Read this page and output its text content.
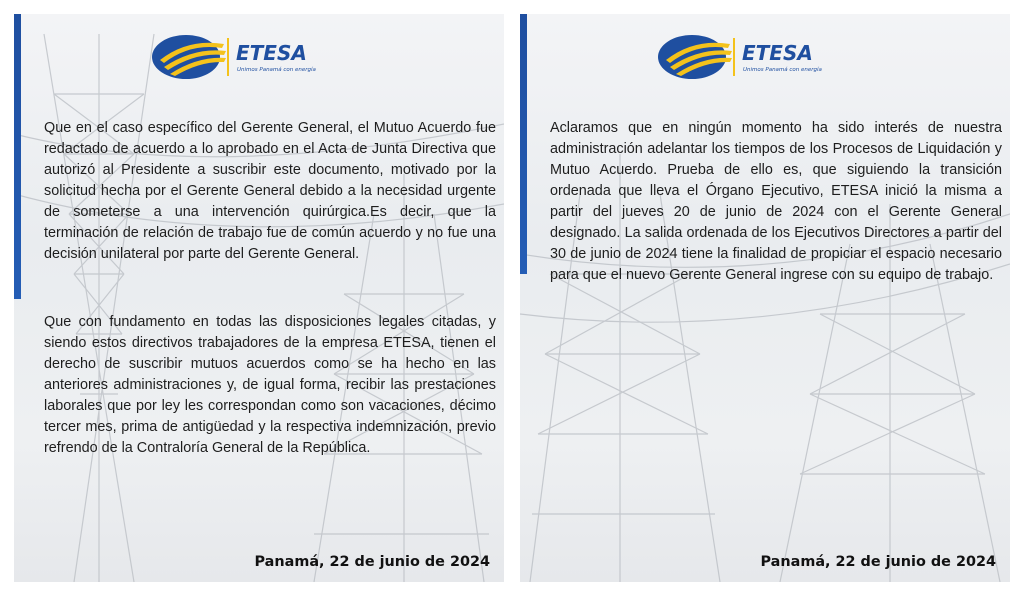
ETESA
Unimos Panamá con energía

Que en el caso específico del Gerente General, el Mutuo Acuerdo fue redactado de acuerdo a lo aprobado en el Acta de Junta Directiva que autorizó al Presidente a suscribir este documento, motivado por la solicitud hecha por el Gerente General debido a la necesidad urgente de someterse a una intervención quirúrgica.Es decir, que la terminación de relación de trabajo fue de común acuerdo y no fue una decisión unilateral por parte del Gerente General.

Que con fundamento en todas las disposiciones legales citadas, y siendo estos directivos trabajadores de la empresa ETESA, tienen el derecho de suscribir mutuos acuerdos como se ha hecho en las anteriores administraciones y, de igual forma, recibir las prestaciones laborales que por ley les correspondan como son vacaciones, décimo tercer mes, prima de antigüedad y la respectiva indemnización, previo refrendo de la Contraloría General de la República.

Panamá, 22 de junio de 2024
ETESA
Unimos Panamá con energía

Aclaramos que en ningún momento ha sido interés de nuestra administración adelantar los tiempos de los Procesos de Liquidación y Mutuo Acuerdo. Prueba de ello es, que siguiendo la transición ordenada que lleva el Órgano Ejecutivo, ETESA inició la misma a partir del jueves 20 de junio de 2024 con el Gerente General designado. La salida ordenada de los Ejecutivos Directores a partir del 30 de junio de 2024 tiene la finalidad de propiciar el espacio necesario para que el nuevo Gerente General ingrese con su equipo de trabajo.

Panamá, 22 de junio de 2024
